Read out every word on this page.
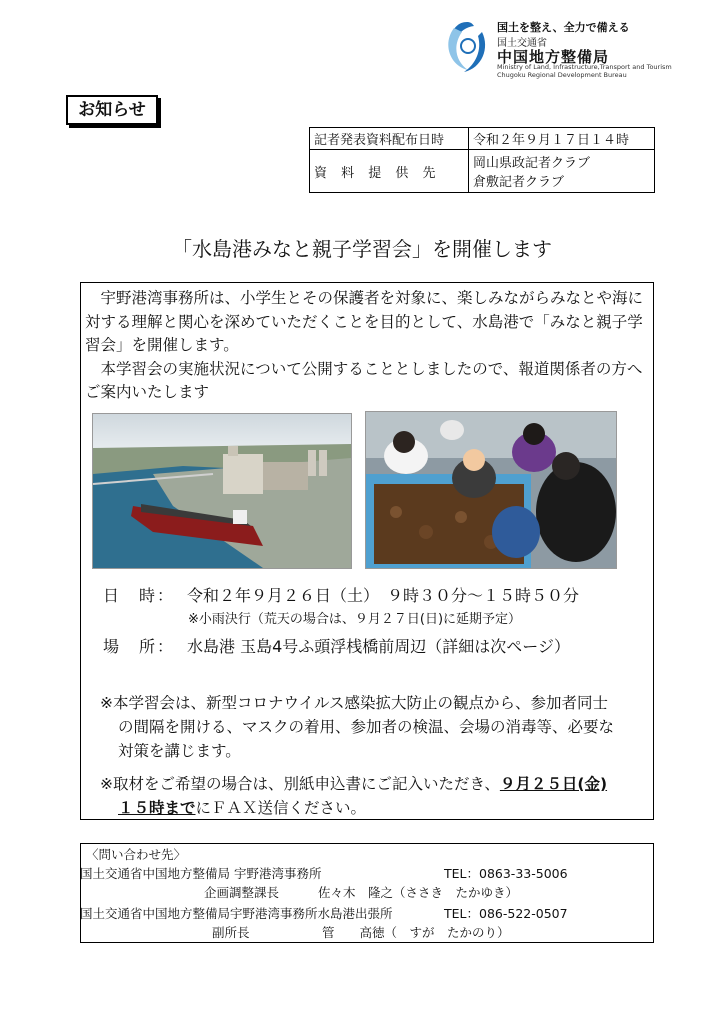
国土を整え、全力で備える
国土交通省
中国地方整備局
Ministry of Land, Infrastructure,Transport and Tourism
Chugoku Regional Development Bureau
お知らせ
記者発表資料配布日時	令和２年９月１７日１４時
資 料 提 供 先	岡山県政記者クラブ
倉敷記者クラブ
「水島港みなと親子学習会」を開催します

宇野港湾事務所は、小学生とその保護者を対象に、楽しみながらみなとや海に対する理解と関心を深めていただくことを目的として、水島港で「みなと親子学習会」を開催します。

本学習会の実施状況について公開することとしましたので、報道関係者の方へご案内いたします

日　時： 令和２年９月２６日（土）　９時３０分～１５時５０分
※小雨決行（荒天の場合は、９月２７日(日)に延期予定）
場　所： 水島港 玉島4号ふ頭浮桟橋前周辺（詳細は次ページ）
※本学習会は、新型コロナウイルス感染拡大防止の観点から、参加者同士
の間隔を開ける、マスクの着用、参加者の検温、会場の消毒等、必要な
対策を講じます。
※取材をご希望の場合は、別紙申込書にご記入いただき、９月２５日(金)
１５時までにＦＡＸ送信ください。
〈問い合わせ先〉
国土交通省中国地方整備局 宇野港湾事務所	TEL：0863-33-5006
企画調整課長	佐々木　隆之（ささき　たかゆき）
国土交通省中国地方整備局宇野港湾事務所水島港出張所	TEL：086-522-0507
副所長	管　　高徳（　すが　たかのり）
